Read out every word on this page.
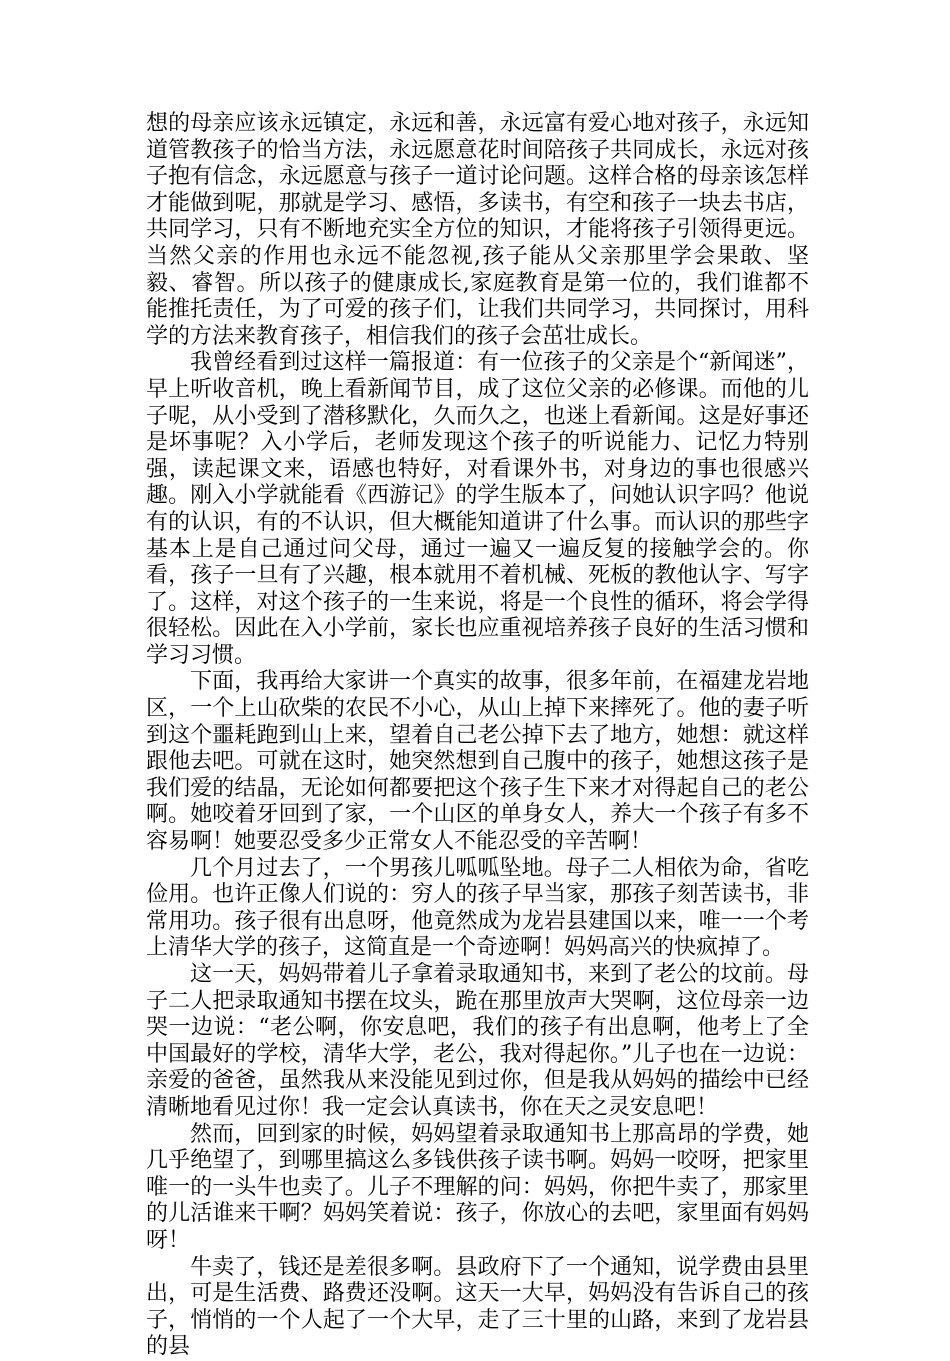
想的母亲应该永远镇定，永远和善，永远富有爱心地对孩子，永远知道管教孩子的恰当方法，永远愿意花时间陪孩子共同成长，永远对孩子抱有信念，永远愿意与孩子一道讨论问题。这样合格的母亲该怎样才能做到呢，那就是学习、感悟，多读书，有空和孩子一块去书店，共同学习，只有不断地充实全方位的知识，才能将孩子引领得更远。当然父亲的作用也永远不能忽视,孩子能从父亲那里学会果敢、坚毅、睿智。所以孩子的健康成长,家庭教育是第一位的，我们谁都不能推托责任，为了可爱的孩子们，让我们共同学习，共同探讨，用科学的方法来教育孩子，相信我们的孩子会茁壮成长。

我曾经看到过这样一篇报道：有一位孩子的父亲是个“新闻迷”，早上听收音机，晚上看新闻节目，成了这位父亲的必修课。而他的儿子呢，从小受到了潜移默化，久而久之，也迷上看新闻。这是好事还是坏事呢？入小学后，老师发现这个孩子的听说能力、记忆力特别强，读起课文来，语感也特好，对看课外书，对身边的事也很感兴趣。刚入小学就能看《西游记》的学生版本了，问她认识字吗？他说有的认识，有的不认识，但大概能知道讲了什么事。而认识的那些字基本上是自己通过问父母，通过一遍又一遍反复的接触学会的。你看，孩子一旦有了兴趣，根本就用不着机械、死板的教他认字、写字了。这样，对这个孩子的一生来说，将是一个良性的循环，将会学得很轻松。因此在入小学前，家长也应重视培养孩子良好的生活习惯和学习习惯。

下面，我再给大家讲一个真实的故事，很多年前，在福建龙岩地区，一个上山砍柴的农民不小心，从山上掉下来摔死了。他的妻子听到这个噩耗跑到山上来，望着自己老公掉下去了地方，她想：就这样跟他去吧。可就在这时，她突然想到自己腹中的孩子，她想这孩子是我们爱的结晶，无论如何都要把这个孩子生下来才对得起自己的老公啊。她咬着牙回到了家，一个山区的单身女人，养大一个孩子有多不容易啊！她要忍受多少正常女人不能忍受的辛苦啊！

几个月过去了，一个男孩儿呱呱坠地。母子二人相依为命，省吃俭用。也许正像人们说的：穷人的孩子早当家，那孩子刻苦读书，非常用功。孩子很有出息呀，他竟然成为龙岩县建国以来，唯一一个考上清华大学的孩子，这简直是一个奇迹啊！妈妈高兴的快疯掉了。

这一天，妈妈带着儿子拿着录取通知书，来到了老公的坟前。母子二人把录取通知书摆在坟头，跪在那里放声大哭啊，这位母亲一边哭一边说：“老公啊，你安息吧，我们的孩子有出息啊，他考上了全中国最好的学校，清华大学，老公，我对得起你。”儿子也在一边说：亲爱的爸爸，虽然我从来没能见到过你，但是我从妈妈的描绘中已经清晰地看见过你！我一定会认真读书，你在天之灵安息吧！

然而，回到家的时候，妈妈望着录取通知书上那高昂的学费，她几乎绝望了，到哪里搞这么多钱供孩子读书啊。妈妈一咬呀，把家里唯一的一头牛也卖了。儿子不理解的问：妈妈，你把牛卖了，那家里的儿活谁来干啊？妈妈笑着说：孩子，你放心的去吧，家里面有妈妈呀！

牛卖了，钱还是差很多啊。县政府下了一个通知，说学费由县里出，可是生活费、路费还没啊。这天一大早，妈妈没有告诉自己的孩子，悄悄的一个人起了一个大早，走了三十里的山路，来到了龙岩县的县
